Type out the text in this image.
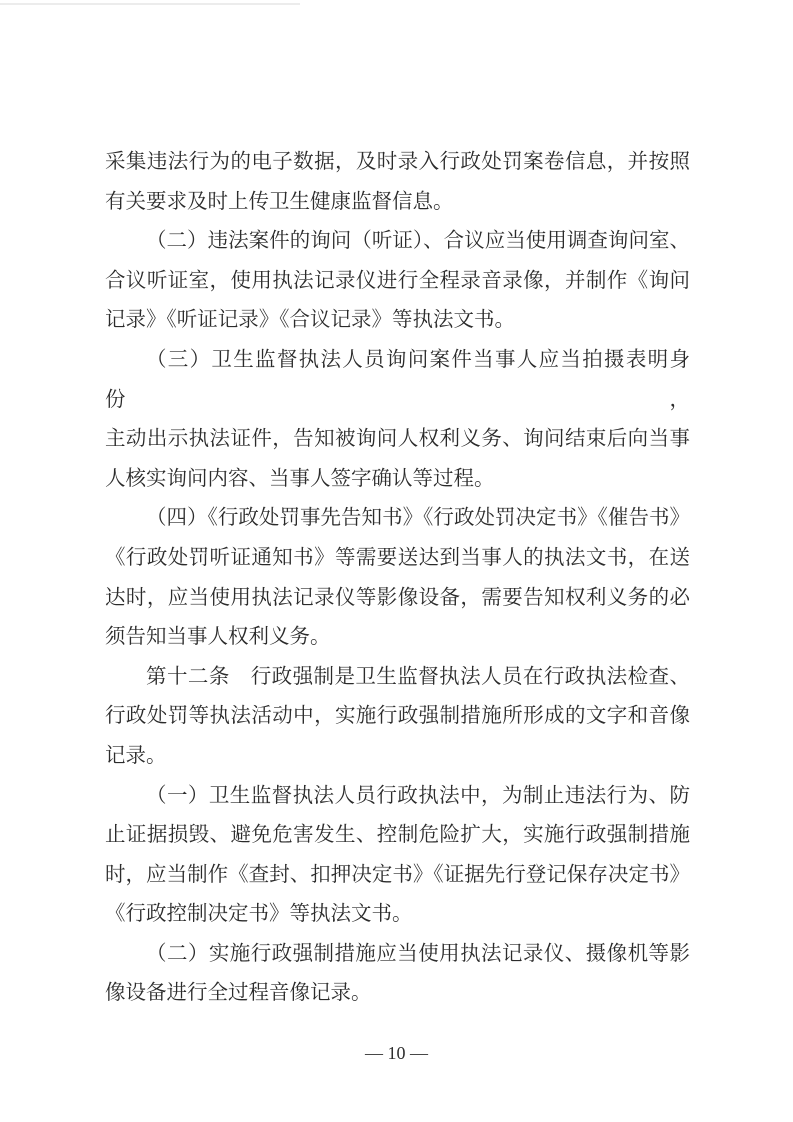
采集违法行为的电子数据，及时录入行政处罚案卷信息，并按照
有关要求及时上传卫生健康监督信息。
（二）违法案件的询问（听证）、合议应当使用调查询问室、
合议听证室，使用执法记录仪进行全程录音录像，并制作《询问
记录》《听证记录》《合议记录》等执法文书。
（三）卫生监督执法人员询问案件当事人应当拍摄表明身份，
主动出示执法证件，告知被询问人权利义务、询问结束后向当事
人核实询问内容、当事人签字确认等过程。
（四）《行政处罚事先告知书》《行政处罚决定书》《催告书》
《行政处罚听证通知书》等需要送达到当事人的执法文书，在送
达时，应当使用执法记录仪等影像设备，需要告知权利义务的必
须告知当事人权利义务。
第十二条　行政强制是卫生监督执法人员在行政执法检查、
行政处罚等执法活动中，实施行政强制措施所形成的文字和音像
记录。
（一）卫生监督执法人员行政执法中，为制止违法行为、防
止证据损毁、避免危害发生、控制危险扩大，实施行政强制措施
时，应当制作《查封、扣押决定书》《证据先行登记保存决定书》
《行政控制决定书》等执法文书。
（二）实施行政强制措施应当使用执法记录仪、摄像机等影
像设备进行全过程音像记录。
— 10 —
